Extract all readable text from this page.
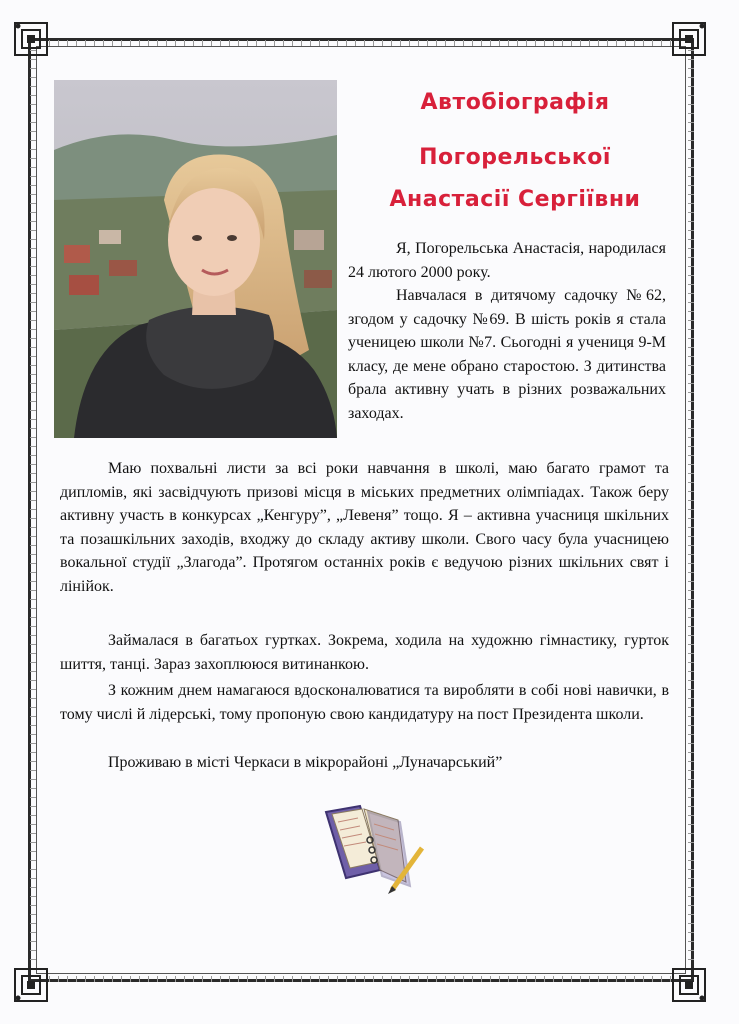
Автобіографія
Погорельської
Анастасії Сергіївни
Я, Погорельська Анастасія, народилася 24 лютого 2000 року.
Навчалася в дитячому садочку №62, згодом у садочку №69. В шість років я стала ученицею школи №7. Сьогодні я учениця 9-М класу, де мене обрано старостою. З дитинства брала активну учать в різних розважальних заходах.
Маю похвальні листи за всі роки навчання в школі, маю багато грамот та дипломів, які засвідчують призові місця в міських предметних олімпіадах. Також беру активну участь в конкурсах „Кенгуру”, „Левеня” тощо. Я – активна учасниця шкільних та позашкільних заходів, входжу до складу активу школи. Свого часу була учасницею вокальної студії „Злагода”. Протягом останніх років є ведучою різних шкільних свят і лінійок.
Займалася в багатьох гуртках. Зокрема, ходила на художню гімнастику, гурток шиття, танці. Зараз захоплююся витинанкою.
З кожним днем намагаюся вдосконалюватися та виробляти в собі нові навички, в тому числі й лідерські, тому пропоную свою кандидатуру на пост Президента школи.
Проживаю в місті Черкаси в мікрорайоні „Луначарський”
